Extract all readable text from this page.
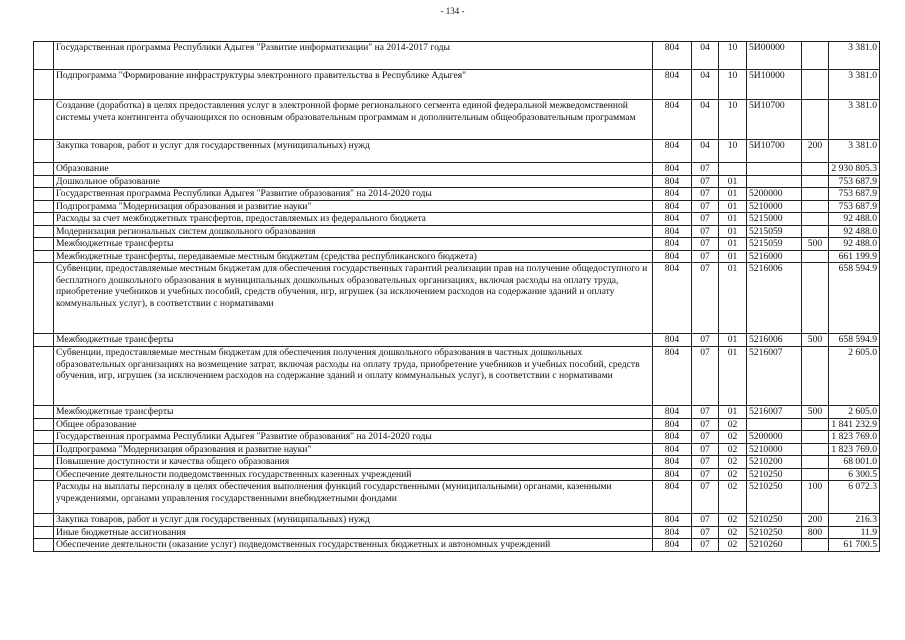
- 134 -
	Государственная программа Республики Адыгея "Развитие информатизации" на 2014-2017 годы	804	04	10	5И00000		3 381.0
	Подпрограмма "Формирование инфраструктуры электронного правительства в Республике Адыгея"	804	04	10	5И10000		3 381.0
	Создание (доработка) в целях предоставления услуг в электронной форме регионального сегмента единой федеральной межведомственной системы учета контингента обучающихся по основным образовательным программам и дополнительным общеобразовательным программам	804	04	10	5И10700		3 381.0
	Закупка товаров, работ и услуг для государственных (муниципальных) нужд	804	04	10	5И10700	200	3 381.0
	Образование	804	07				2 930 805.3
	Дошкольное образование	804	07	01			753 687.9
	Государственная программа Республики Адыгея "Развитие образования" на 2014-2020 годы	804	07	01	5200000		753 687.9
	Подпрограмма "Модернизация образования и развитие науки"	804	07	01	5210000		753 687.9
	Расходы за счет межбюджетных трансфертов, предоставляемых из федерального бюджета	804	07	01	5215000		92 488.0
	Модернизация региональных систем дошкольного образования	804	07	01	5215059		92 488.0
	Межбюджетные трансферты	804	07	01	5215059	500	92 488.0
	Межбюджетные трансферты, передаваемые местным бюджетам (средства республиканского бюджета)	804	07	01	5216000		661 199.9
	Субвенции, предоставляемые местным бюджетам для обеспечения государственных гарантий реализации прав на получение общедоступного и бесплатного дошкольного образования в муниципальных дошкольных образовательных организациях, включая расходы на оплату труда, приобретение учебников и учебных пособий, средств обучения, игр, игрушек (за исключением расходов на содержание зданий и оплату коммунальных услуг), в соответствии с нормативами	804	07	01	5216006		658 594.9
	Межбюджетные трансферты	804	07	01	5216006	500	658 594.9
	Субвенции, предоставляемые местным бюджетам для обеспечения получения дошкольного образования в частных дошкольных образовательных организациях на возмещение затрат, включая расходы на оплату труда, приобретение учебников и учебных пособий, средств обучения, игр, игрушек (за исключением расходов на содержание зданий и оплату коммунальных услуг), в соответствии с нормативами	804	07	01	5216007		2 605.0
	Межбюджетные трансферты	804	07	01	5216007	500	2 605.0
	Общее образование	804	07	02			1 841 232.9
	Государственная программа Республики Адыгея "Развитие образования" на 2014-2020 годы	804	07	02	5200000		1 823 769.0
	Подпрограмма "Модернизация образования и развитие науки"	804	07	02	5210000		1 823 769.0
	Повышение доступности и качества общего образования	804	07	02	5210200		68 001.0
	Обеспечение деятельности подведомственных государственных казенных учреждений	804	07	02	5210250		6 300.5
	Расходы на выплаты персоналу в целях обеспечения выполнения функций государственными (муниципальными) органами, казенными учреждениями, органами управления государственными внебюджетными фондами	804	07	02	5210250	100	6 072.3
	Закупка товаров, работ и услуг для государственных (муниципальных) нужд	804	07	02	5210250	200	216.3
	Иные бюджетные ассигнования	804	07	02	5210250	800	11.9
	Обеспечение деятельности (оказание услуг) подведомственных государственных бюджетных и автономных учреждений	804	07	02	5210260		61 700.5
